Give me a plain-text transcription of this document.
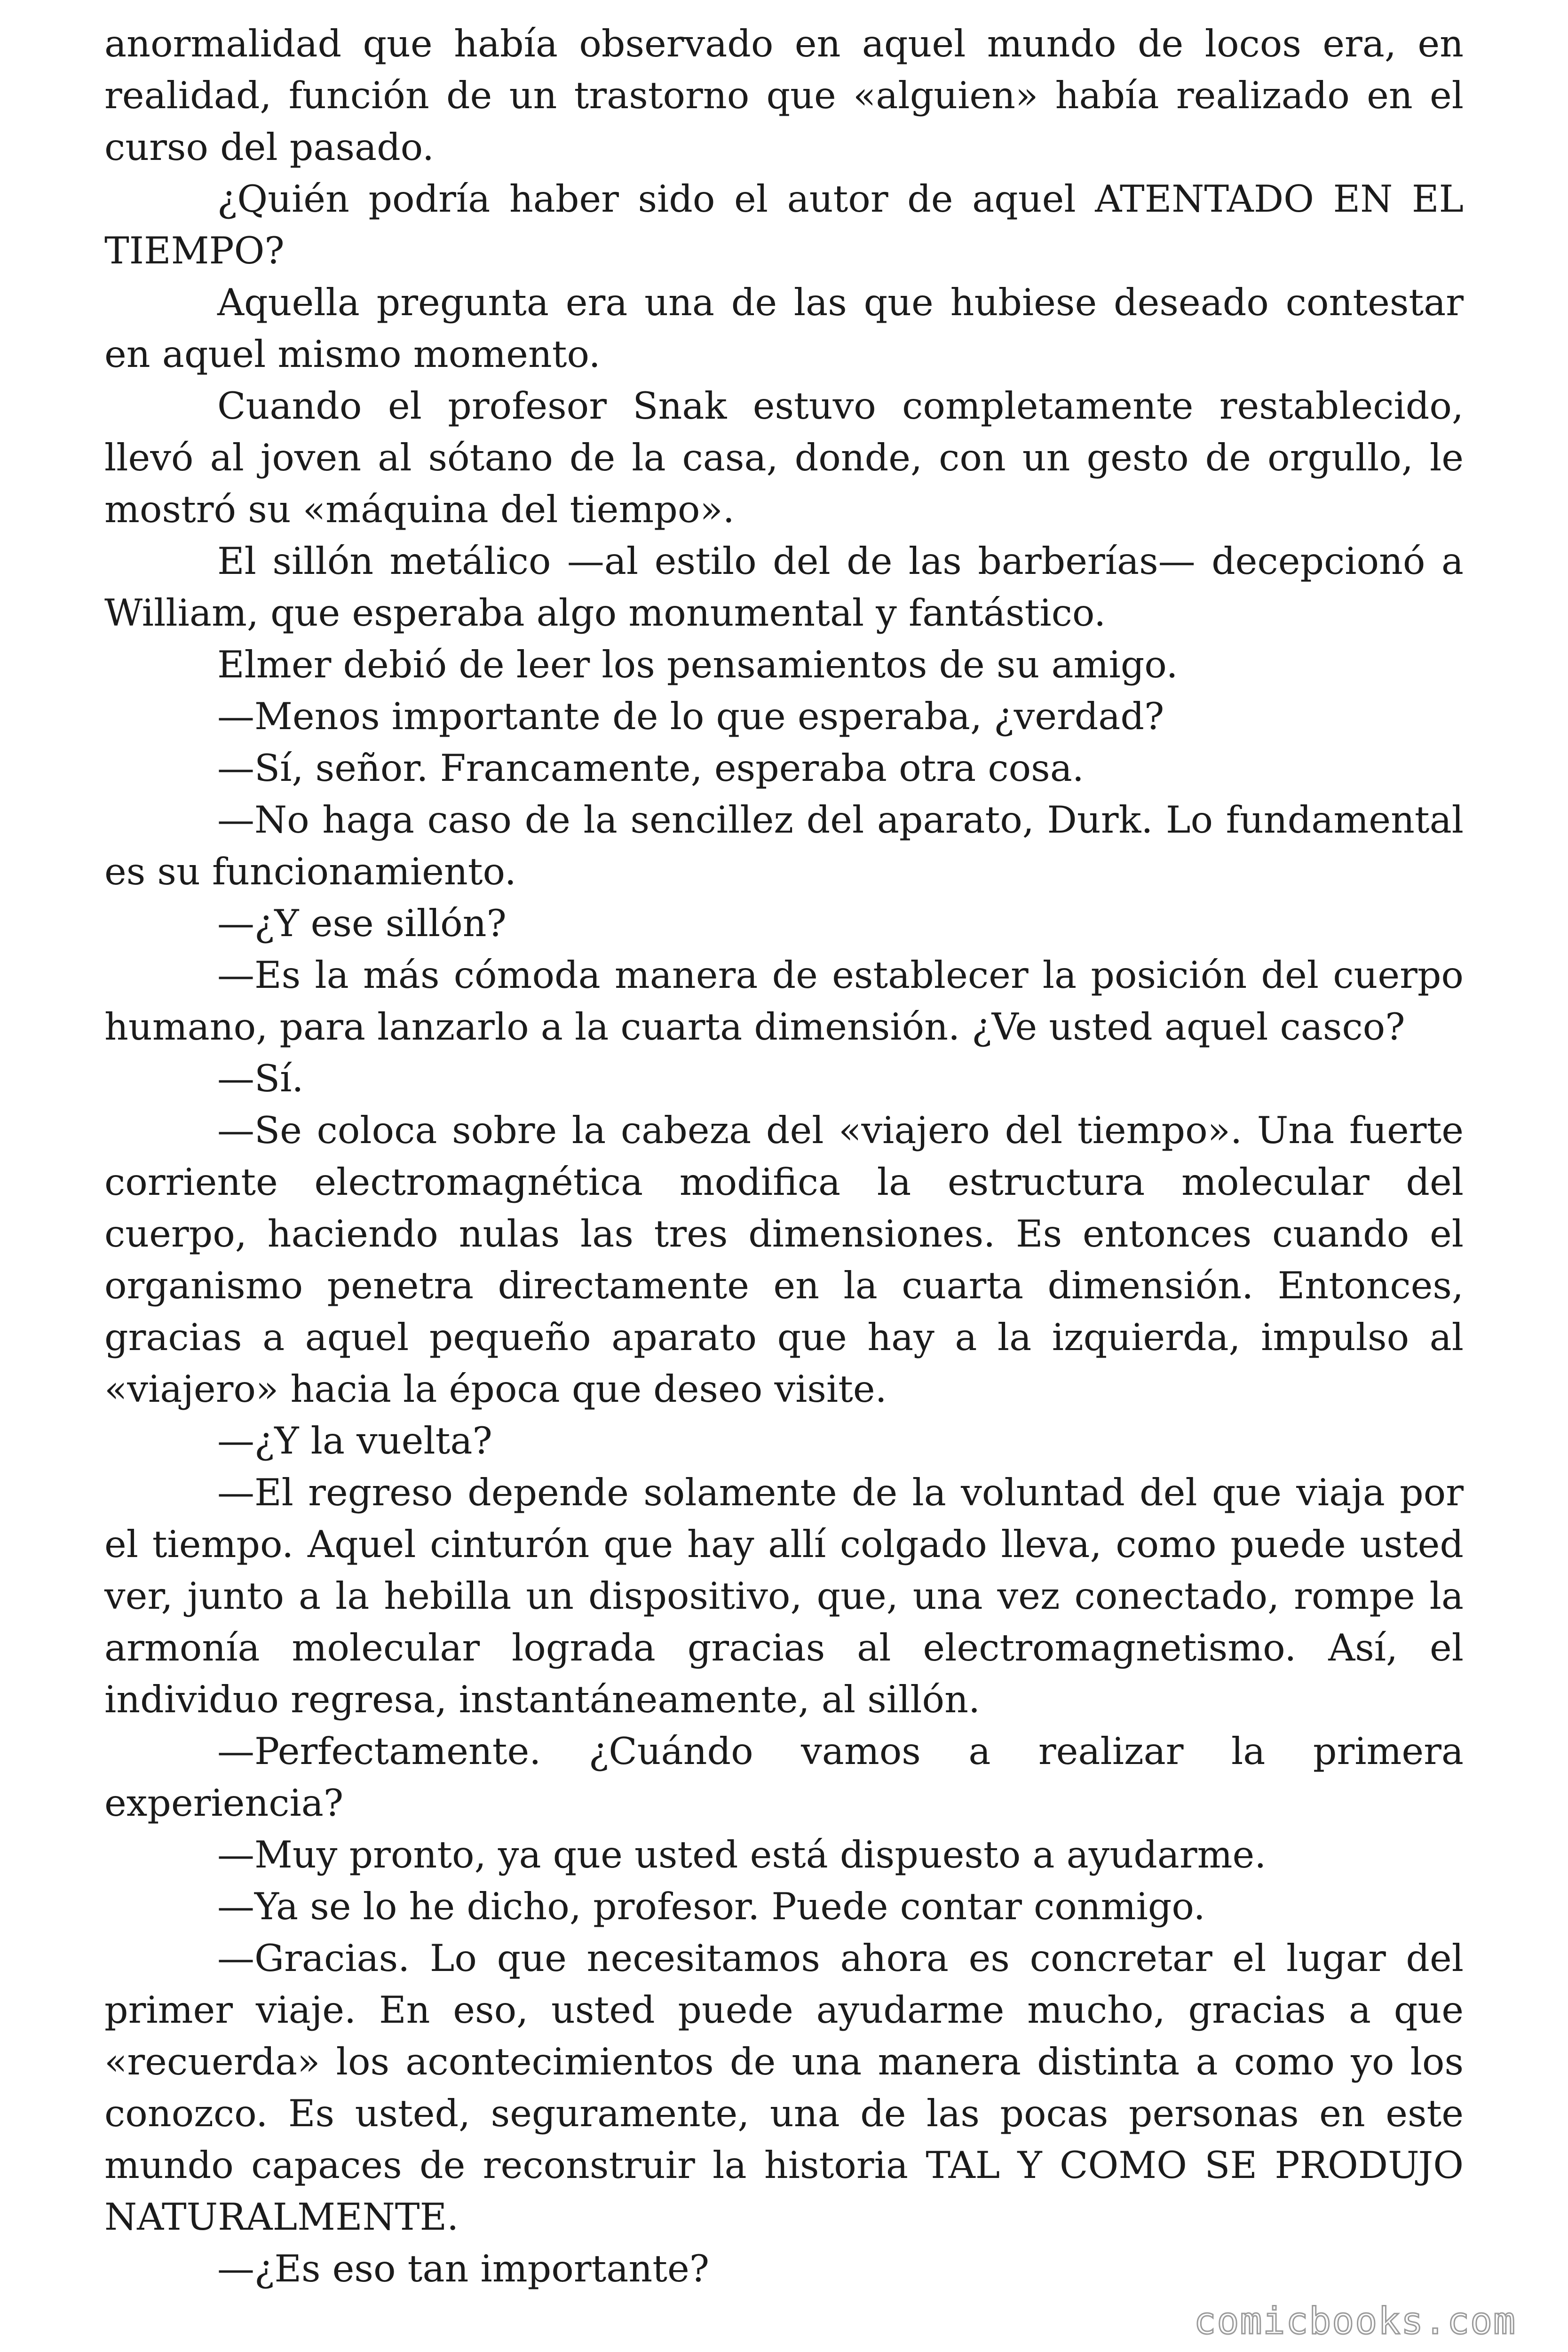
anormalidad que había observado en aquel mundo de locos era, en realidad, función de un trastorno que «alguien» había realizado en el curso del pasado.

¿Quién podría haber sido el autor de aquel ATENTADO EN EL TIEMPO?

Aquella pregunta era una de las que hubiese deseado contestar en aquel mismo momento.

Cuando el profesor Snak estuvo completamente restablecido, llevó al joven al sótano de la casa, donde, con un gesto de orgullo, le mostró su «máquina del tiempo».

El sillón metálico —al estilo del de las barberías— decepcionó a William, que esperaba algo monumental y fantástico.

Elmer debió de leer los pensamientos de su amigo.

—Menos importante de lo que esperaba, ¿verdad?

—Sí, señor. Francamente, esperaba otra cosa.

—No haga caso de la sencillez del aparato, Durk. Lo fundamental es su funcionamiento.

—¿Y ese sillón?

—Es la más cómoda manera de establecer la posición del cuerpo humano, para lanzarlo a la cuarta dimensión. ¿Ve usted aquel casco?

—Sí.

—Se coloca sobre la cabeza del «viajero del tiempo». Una fuerte corriente electromagnética modifica la estructura molecular del cuerpo, haciendo nulas las tres dimensiones. Es entonces cuando el organismo penetra directamente en la cuarta dimensión. Entonces, gracias a aquel pequeño aparato que hay a la izquierda, impulso al «viajero» hacia la época que deseo visite.

—¿Y la vuelta?

—El regreso depende solamente de la voluntad del que viaja por el tiempo. Aquel cinturón que hay allí colgado lleva, como puede usted ver, junto a la hebilla un dispositivo, que, una vez conectado, rompe la armonía molecular lograda gracias al electromagnetismo. Así, el individuo regresa, instantáneamente, al sillón.

—Perfectamente. ¿Cuándo vamos a realizar la primera experiencia?

—Muy pronto, ya que usted está dispuesto a ayudarme.

—Ya se lo he dicho, profesor. Puede contar conmigo.

—Gracias. Lo que necesitamos ahora es concretar el lugar del primer viaje. En eso, usted puede ayudarme mucho, gracias a que «recuerda» los acontecimientos de una manera distinta a como yo los conozco. Es usted, seguramente, una de las pocas personas en este mundo capaces de reconstruir la historia TAL Y COMO SE PRODUJO NATURALMENTE.

—¿Es eso tan importante?

comicbooks.com
